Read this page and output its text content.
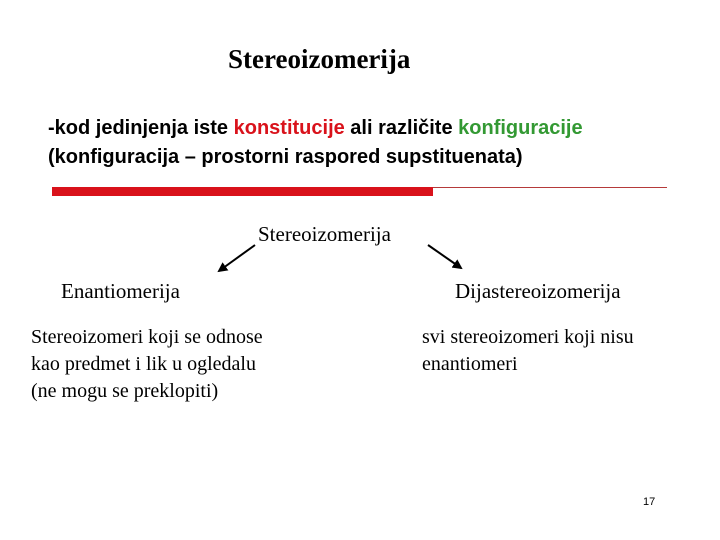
Stereoizomerija
-kod jedinjenja iste konstitucije ali različite konfiguracije
(konfiguracija – prostorni raspored supstituenata)
Stereoizomerija
Enantiomerija	Dijastereoizomerija
Stereoizomeri koji se odnose
kao predmet i lik u ogledalu
(ne mogu se preklopiti)
svi stereoizomeri koji nisu
enantiomeri
17
